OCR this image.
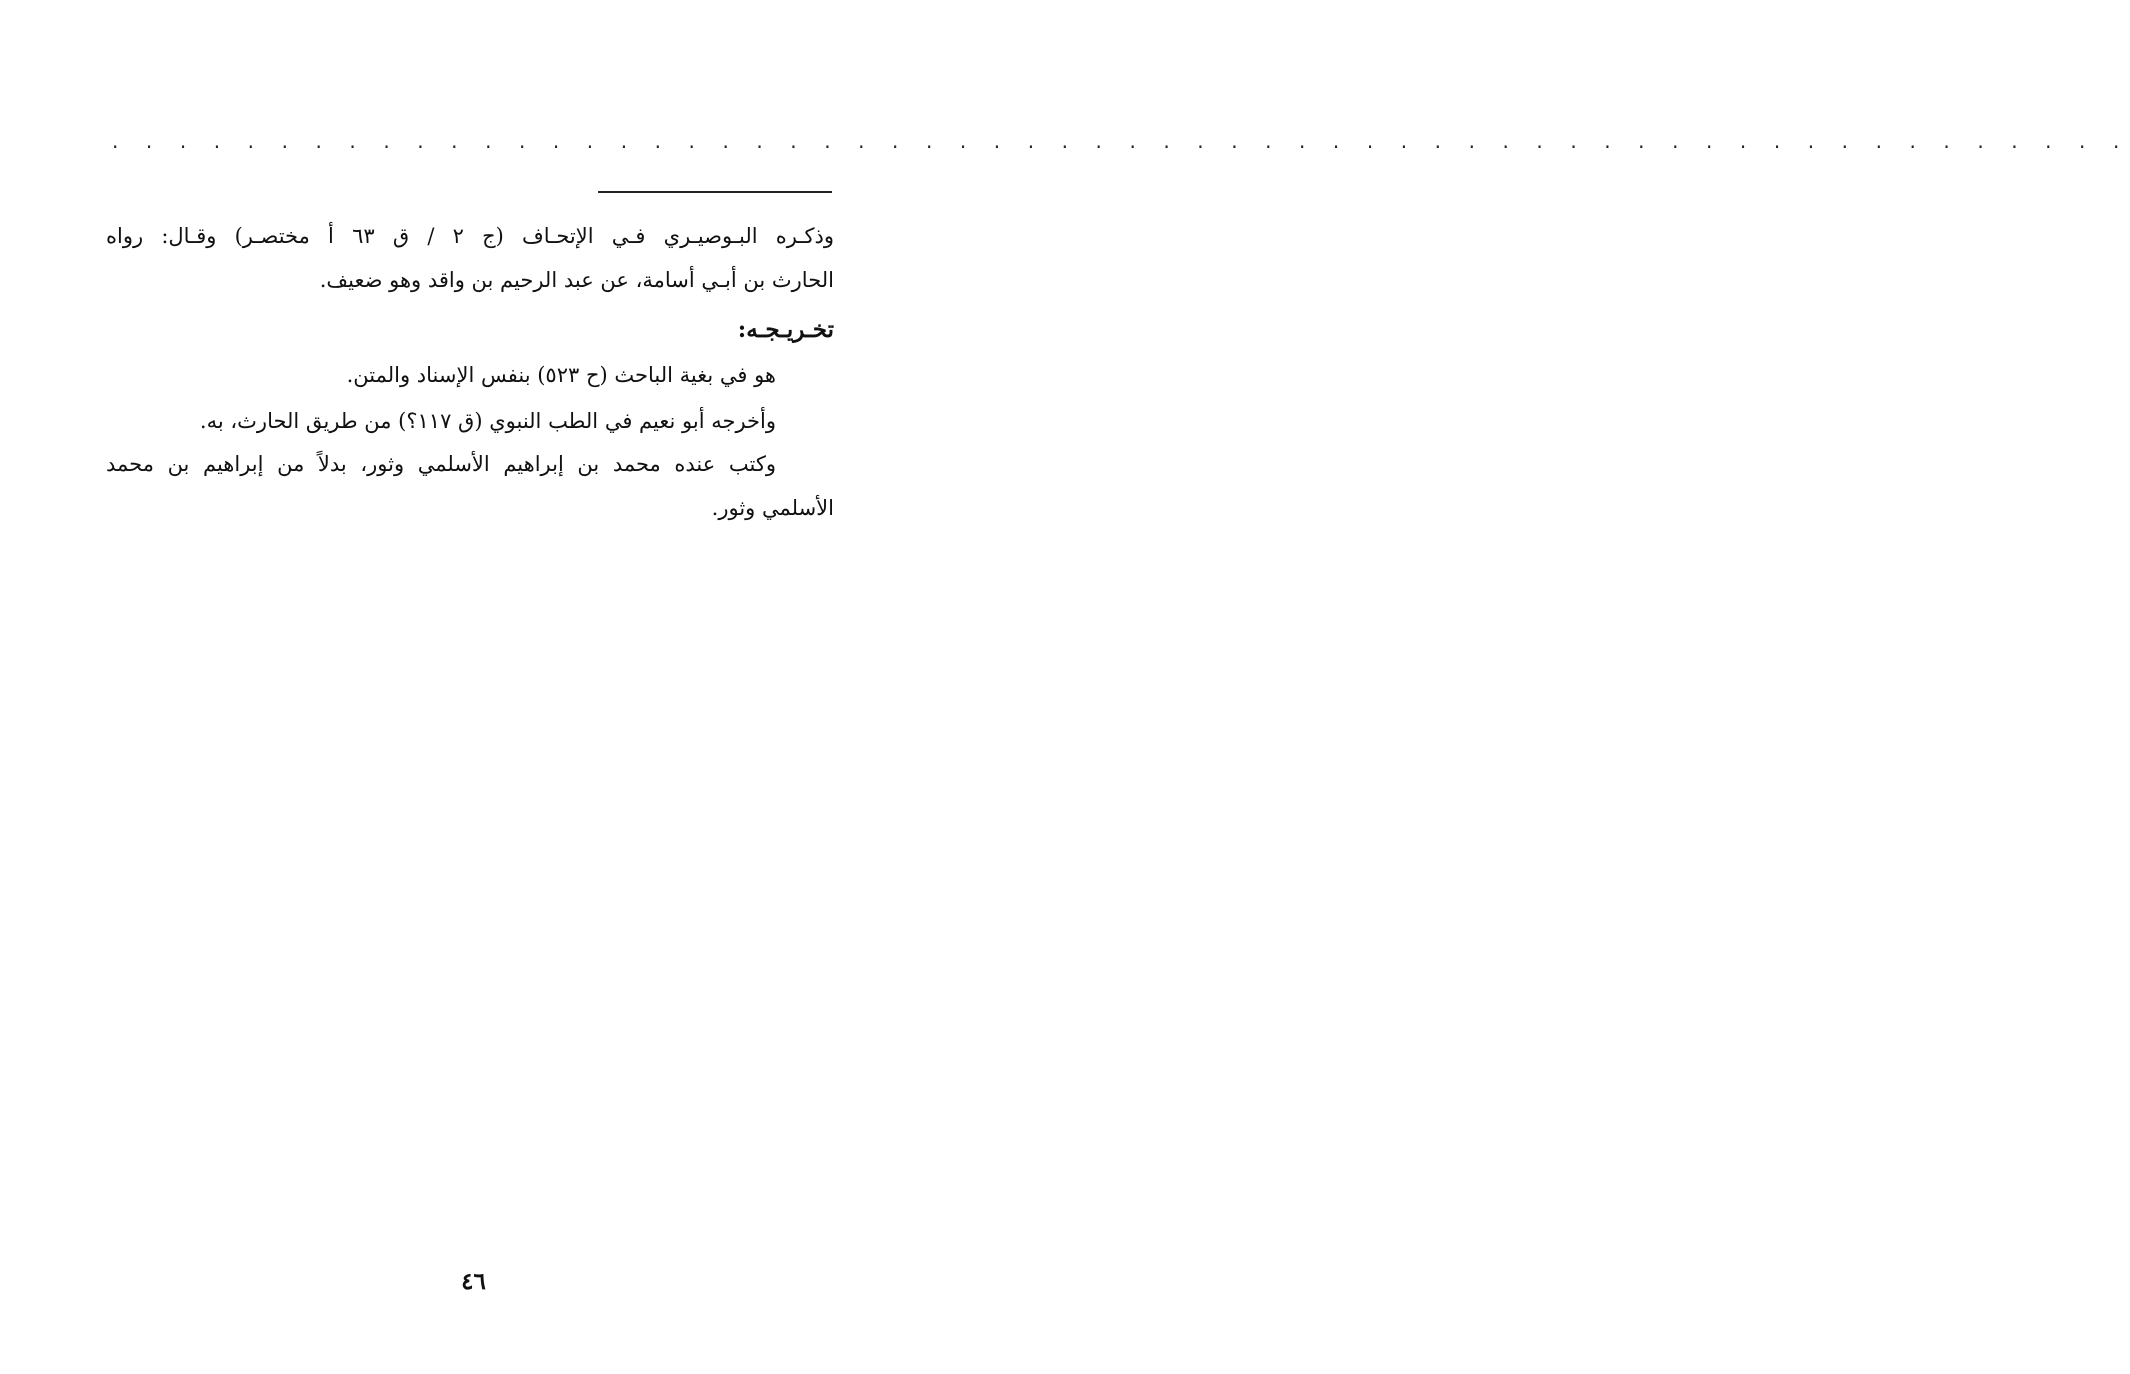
. . . . . . . . . . . . . . . . . . . . . . . . . . . . . . . . . . . . . . . . . . . . . . . . . . . . . . . . . . . .
وذكـره البـوصيـري فـي الإتحـاف (ج ٢ / ق ٦٣ أ مختصـر) وقـال: رواه
الحارث بن أبـي أسامة، عن عبد الرحيم بن واقد وهو ضعيف.
تخـريـجـه:
هو في بغية الباحث (ح ٥٢٣) بنفس الإسناد والمتن.
وأخرجه أبو نعيم في الطب النبوي (ق ١١٧؟) من طريق الحارث، به.
وكتب عنده محمد بن إبراهيم الأسلمي وثور، بدلاً من إبراهيم بن محمد
الأسلمي وثور.
٤٦
